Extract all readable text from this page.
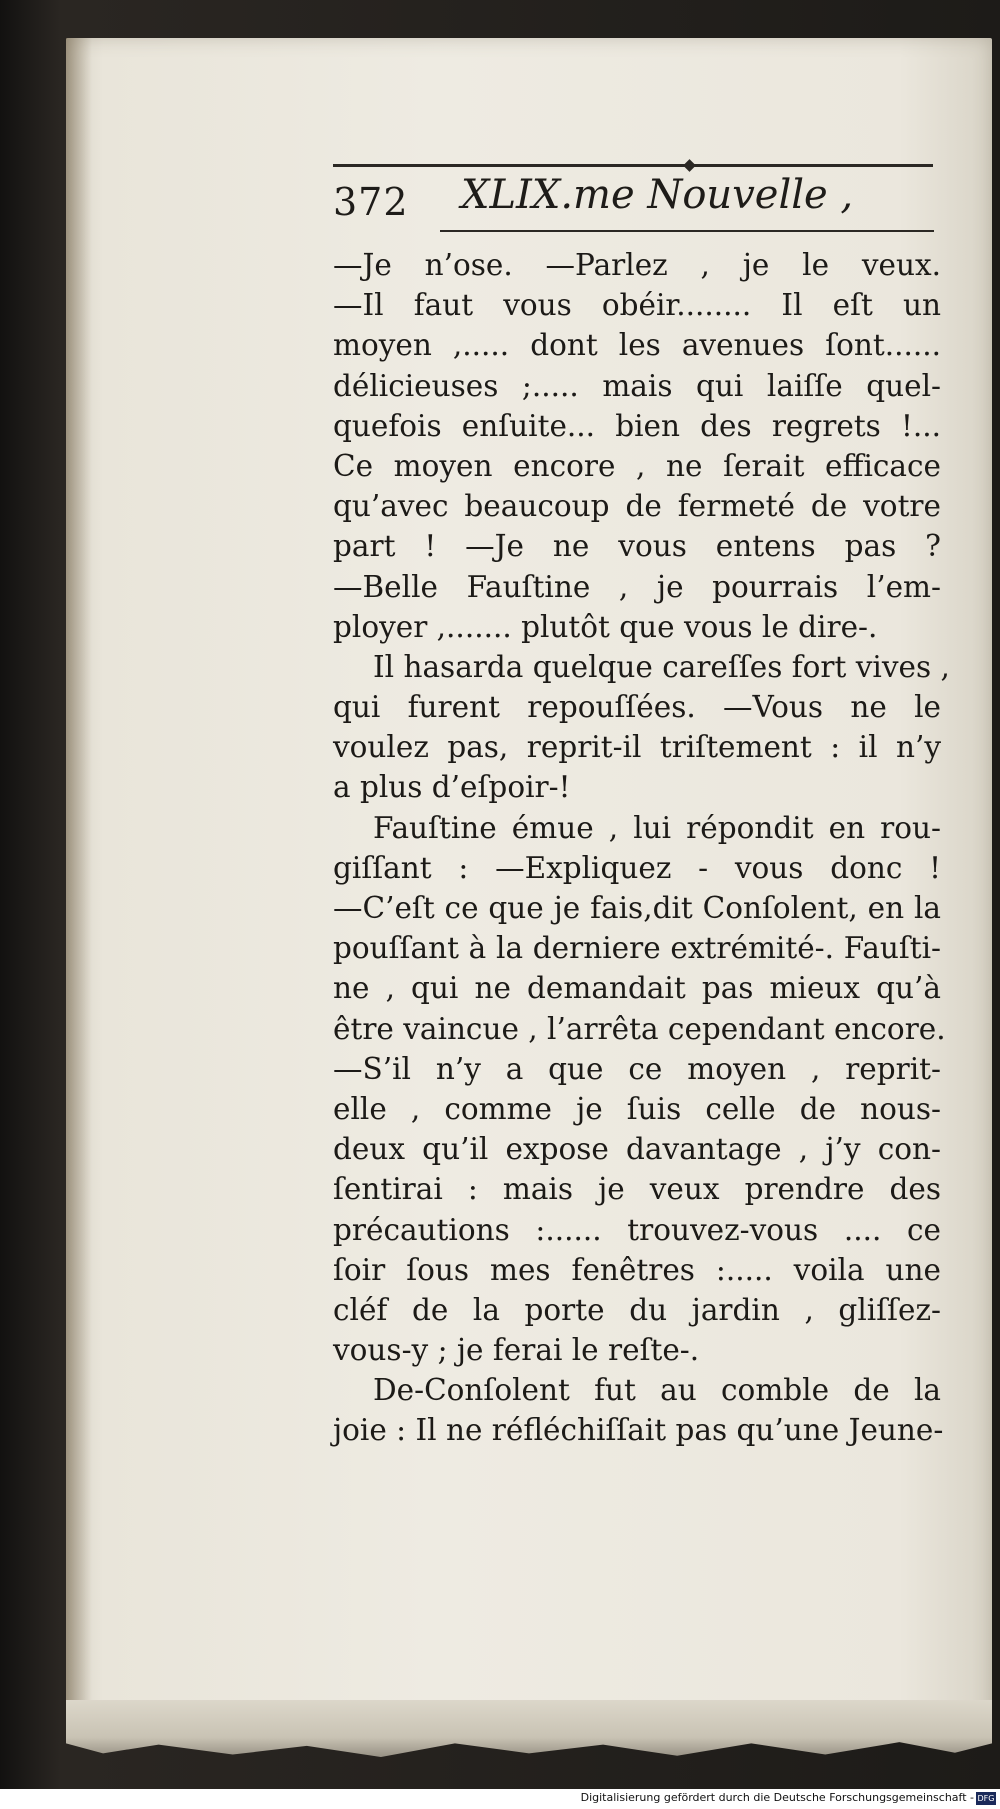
372 XLIX.me Nouvelle ,
—Je n’ose. —Parlez , je le veux.
—Il faut vous obéir........ Il eſt un
moyen ,..... dont les avenues ſont......
délicieuses ;..... mais qui laiſſe quel-
quefois enſuite... bien des regrets !...
Ce moyen encore , ne ſerait efficace
qu’avec beaucoup de fermeté de votre
part ! —Je ne vous entens pas ?
—Belle Fauſtine , je pourrais l’em-
ployer ,....... plutôt que vous le dire-.
Il hasarda quelque careſſes fort vives ,
qui furent repouſſées. —Vous ne le
voulez pas, reprit-il triſtement : il n’y
a plus d’eſpoir-!
Fauſtine émue , lui répondit en rou-
giſſant : —Expliquez - vous donc !
—C’eſt ce que je fais,dit Conſolent, en la
pouſſant à la derniere extrémité-. Fauſti-
ne , qui ne demandait pas mieux qu’à
être vaincue , l’arrêta cependant encore.
—S’il n’y a que ce moyen , reprit-
elle , comme je ſuis celle de nous-
deux qu’il expose davantage , j’y con-
ſentirai : mais je veux prendre des
précautions :...... trouvez-vous .... ce
ſoir ſous mes fenêtres :..... voila une
cléf de la porte du jardin , gliſſez-
vous-y ; je ferai le reſte-.
De-Conſolent fut au comble de la
joie : Il ne réfléchiſſait pas qu’une Jeune-
Digitalisierung gefördert durch die Deutsche Forschungsgemeinschaft - DFG
